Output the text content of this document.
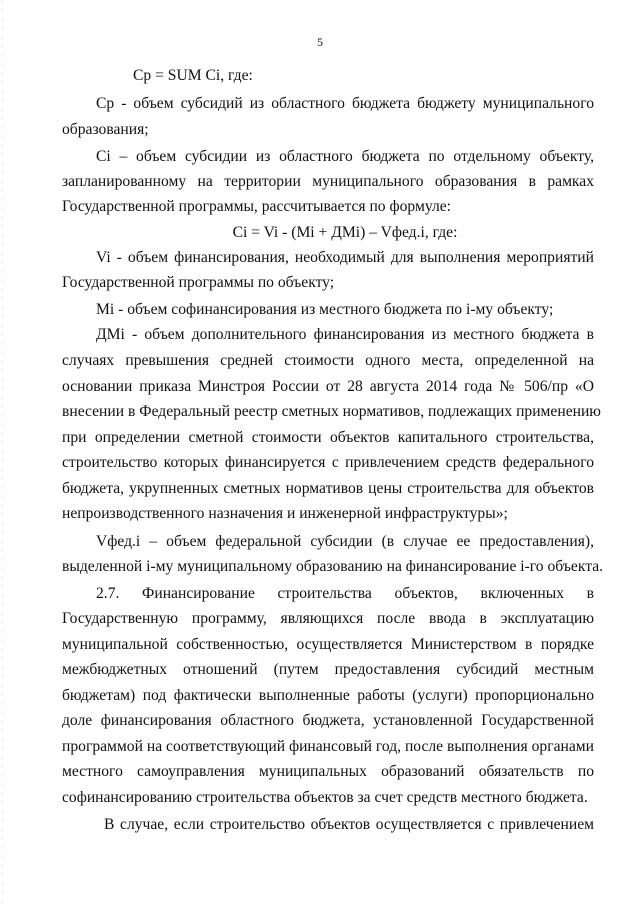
5
Cp = SUM Ci, где:
Cp - объем субсидий из областного бюджета бюджету муниципального
образования;
Ci – объем субсидии из областного бюджета по отдельному объекту,
запланированному на территории муниципального образования в рамках
Государственной программы, рассчитывается по формуле:
Ci = Vi - (Mi + ДMi) – Vфед.i, где:
Vi - объем финансирования, необходимый для выполнения мероприятий
Государственной программы по объекту;
Mi - объем софинансирования из местного бюджета по i-му объекту;
ДMi - объем дополнительного финансирования из местного бюджета в
случаях превышения средней стоимости одного места, определенной на
основании приказа Минстроя России от 28 августа 2014 года № 506/пр «О
внесении в Федеральный реестр сметных нормативов, подлежащих применению
при определении сметной стоимости объектов капитального строительства,
строительство которых финансируется с привлечением средств федерального
бюджета, укрупненных сметных нормативов цены строительства для объектов
непроизводственного назначения и инженерной инфраструктуры»;
Vфед.i – объем федеральной субсидии (в случае ее предоставления),
выделенной i-му муниципальному образованию на финансирование i-го объекта.
2.7. Финансирование строительства объектов, включенных в
Государственную программу, являющихся после ввода в эксплуатацию
муниципальной собственностью, осуществляется Министерством в порядке
межбюджетных отношений (путем предоставления субсидий местным
бюджетам) под фактически выполненные работы (услуги) пропорционально
доле финансирования областного бюджета, установленной Государственной
программой на соответствующий финансовый год, после выполнения органами
местного самоуправления муниципальных образований обязательств по
софинансированию строительства объектов за счет средств местного бюджета.
В случае, если строительство объектов осуществляется с привлечением
